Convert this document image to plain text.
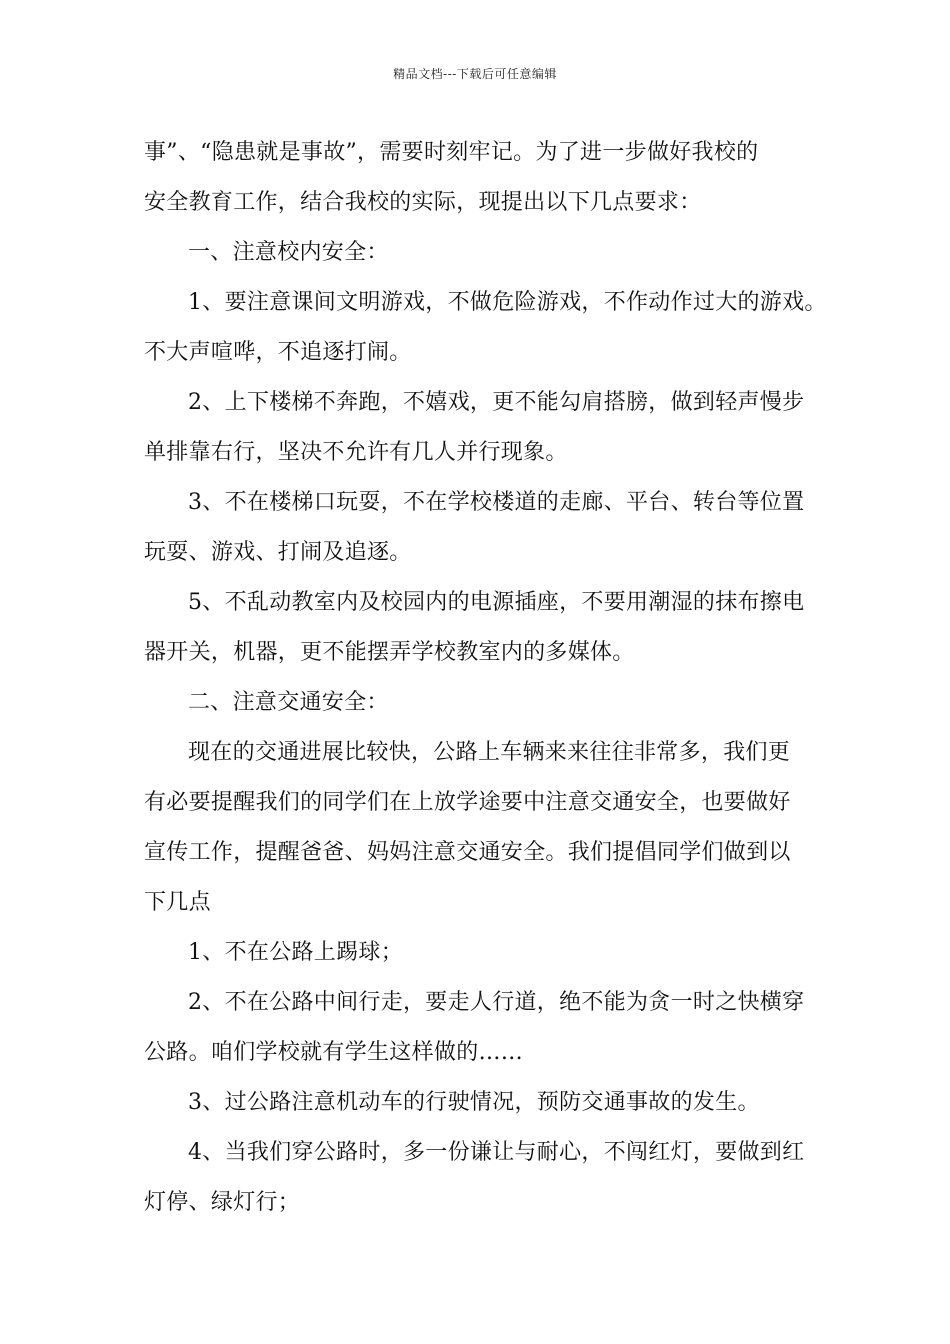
精品文档---下载后可任意编辑
事”、“隐患就是事故”，需要时刻牢记。为了进一步做好我校的
安全教育工作，结合我校的实际，现提出以下几点要求：
一、注意校内安全：
1、要注意课间文明游戏，不做危险游戏，不作动作过大的游戏。
不大声喧哗，不追逐打闹。
2、上下楼梯不奔跑，不嬉戏，更不能勾肩搭膀，做到轻声慢步
单排靠右行，坚决不允许有几人并行现象。
3、不在楼梯口玩耍，不在学校楼道的走廊、平台、转台等位置
玩耍、游戏、打闹及追逐。
5、不乱动教室内及校园内的电源插座，不要用潮湿的抹布擦电
器开关，机器，更不能摆弄学校教室内的多媒体。
二、注意交通安全：
现在的交通进展比较快，公路上车辆来来往往非常多，我们更
有必要提醒我们的同学们在上放学途要中注意交通安全，也要做好
宣传工作，提醒爸爸、妈妈注意交通安全。我们提倡同学们做到以
下几点
1、不在公路上踢球；
2、不在公路中间行走，要走人行道，绝不能为贪一时之快横穿
公路。咱们学校就有学生这样做的……
3、过公路注意机动车的行驶情况，预防交通事故的发生。
4、当我们穿公路时，多一份谦让与耐心，不闯红灯，要做到红
灯停、绿灯行；
